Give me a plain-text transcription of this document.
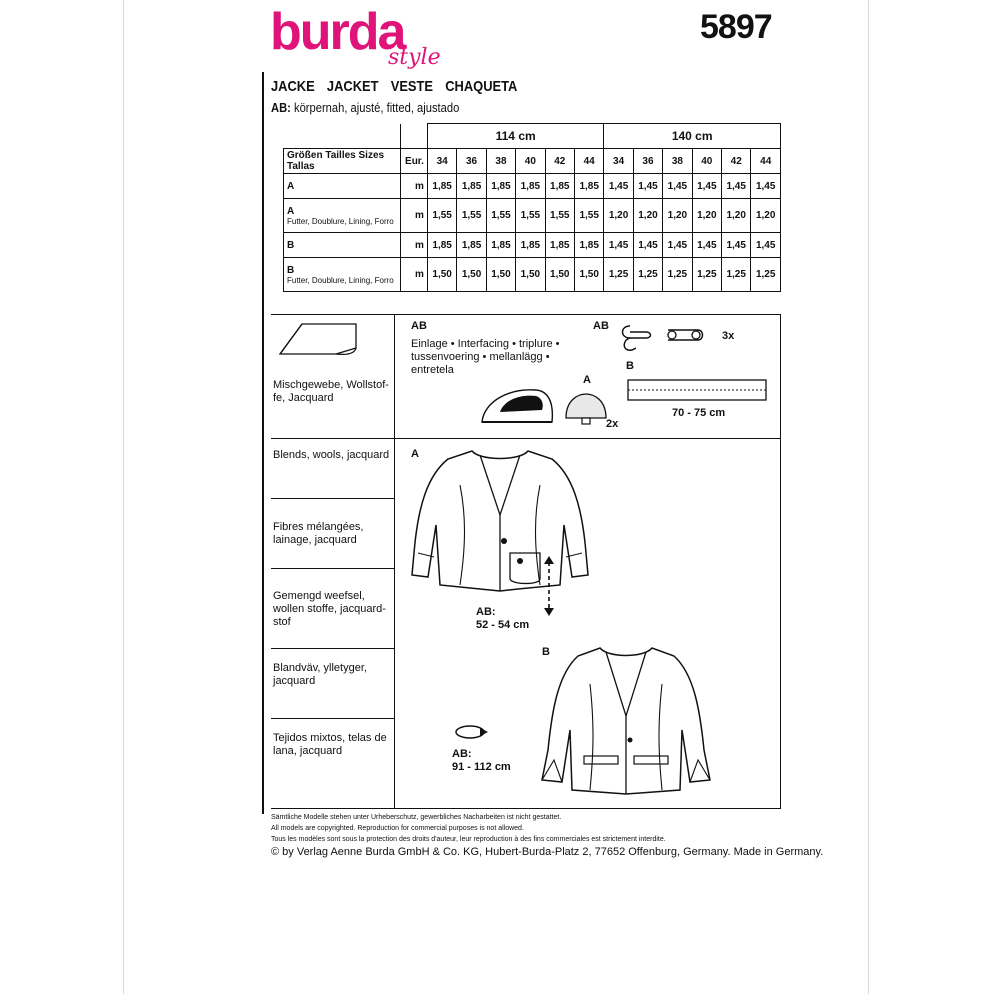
burda
style
5897
JACKE JACKET VESTE CHAQUETA
AB: körpernah, ajusté, fitted, ajustado
		114 cm						140 cm					
Größen Tailles Sizes Tallas	Eur.	34	36	38	40	42	44	34	36	38	40	42	44
A	m	1,85	1,85	1,85	1,85	1,85	1,85	1,45	1,45	1,45	1,45	1,45	1,45
A
Futter, Doublure, Lining, Forro	m	1,55	1,55	1,55	1,55	1,55	1,55	1,20	1,20	1,20	1,20	1,20	1,20
B	m	1,85	1,85	1,85	1,85	1,85	1,85	1,45	1,45	1,45	1,45	1,45	1,45
B
Futter, Doublure, Lining, Forro	m	1,50	1,50	1,50	1,50	1,50	1,50	1,25	1,25	1,25	1,25	1,25	1,25
Mischgewebe, Wollstof-fe, Jacquard
Blends, wools, jacquard
Fibres mélangées, lainage, jacquard
Gemengd weefsel, wollen stoffe, jacquard-stof
Blandväv, ylletyger, jacquard
Tejidos mixtos, telas de lana, jacquard
AB
Einlage • Interfacing • triplure • tussenvoering • mellanlägg • entretela
A
2x
AB
3x
B
70 - 75 cm
A
AB:
52 - 54 cm
B
AB:
91 - 112 cm
Sämtliche Modelle stehen unter Urheberschutz, gewerbliches Nacharbeiten ist nicht gestattet.
All models are copyrighted. Reproduction for commercial purposes is not allowed.
Tous les modèles sont sous la protection des droits d'auteur, leur reproduction à des fins commerciales est strictement interdite.
© by Verlag Aenne Burda GmbH & Co. KG, Hubert-Burda-Platz 2, 77652 Offenburg, Germany. Made in Germany.
